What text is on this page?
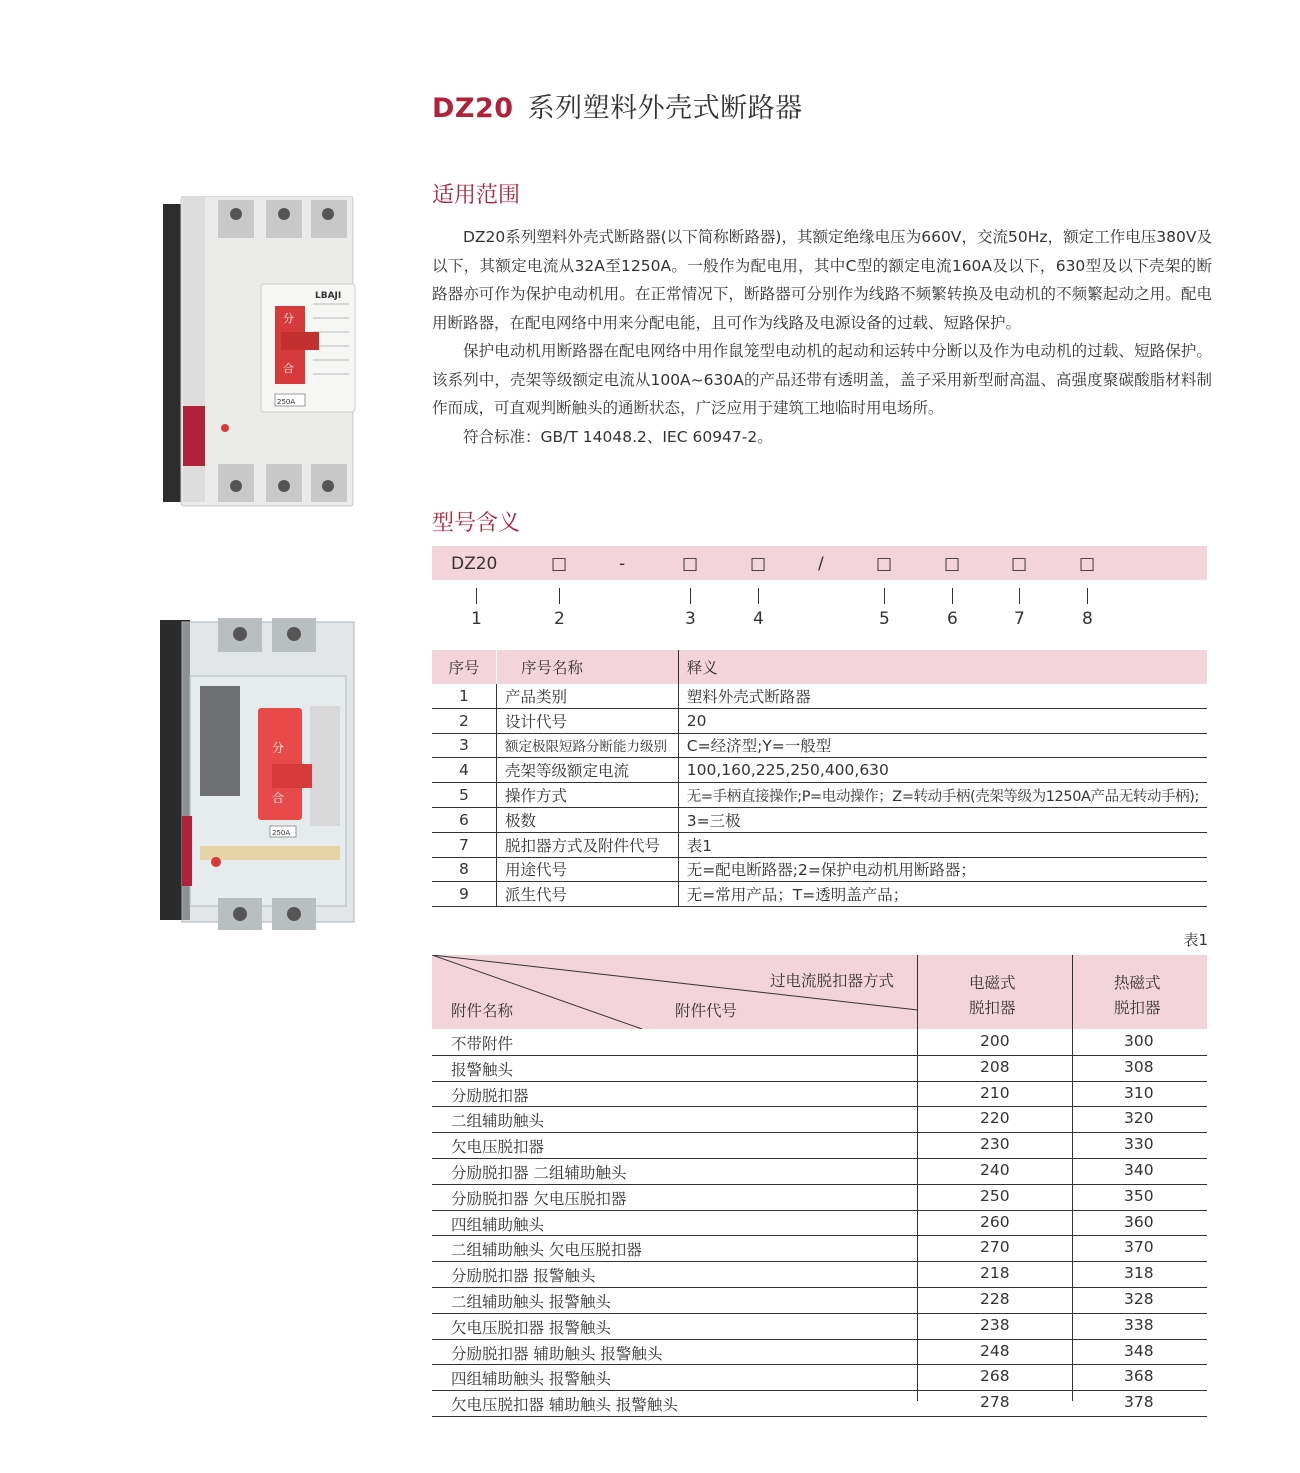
DZ20 系列塑料外壳式断路器
适用范围

DZ20系列塑料外壳式断路器(以下简称断路器)，其额定绝缘电压为660V，交流50Hz，额定工作电压380V及以下，其额定电流从32A至1250A。一般作为配电用，其中C型的额定电流160A及以下，630型及以下壳架的断路器亦可作为保护电动机用。在正常情况下，断路器可分别作为线路不频繁转换及电动机的不频繁起动之用。配电用断路器，在配电网络中用来分配电能，且可作为线路及电源设备的过载、短路保护。

保护电动机用断路器在配电网络中用作鼠笼型电动机的起动和运转中分断以及作为电动机的过载、短路保护。该系列中，壳架等级额定电流从100A~630A的产品还带有透明盖，盖子采用新型耐高温、高强度聚碳酸脂材料制作而成，可直观判断触头的通断状态，广泛应用于建筑工地临时用电场所。

符合标准：GB/T 14048.2、IEC 60947-2。

分
合
LBAJI
250A
分
合
250A
型号含义
DZ20	□	-	□	□	/	□	□	□	□
1	2	3	4	5	6	7	8
序号	序号名称	释义
1	产品类别	塑料外壳式断路器
2	设计代号	20
3	额定极限短路分断能力级别	C=经济型;Y=一般型
4	壳架等级额定电流	100,160,225,250,400,630
5	操作方式	无=手柄直接操作;P=电动操作；Z=转动手柄(壳架等级为1250A产品无转动手柄);
6	极数	3=三极
7	脱扣器方式及附件代号	表1
8	用途代号	无=配电断路器;2=保护电动机用断路器；
9	派生代号	无=常用产品；T=透明盖产品；
表1
过电流脱扣器方式
附件名称	附件代号
电磁式
脱扣器
热磁式
脱扣器
不带附件	200	300
报警触头	208	308
分励脱扣器	210	310
二组辅助触头	220	320
欠电压脱扣器	230	330
分励脱扣器 二组辅助触头	240	340
分励脱扣器 欠电压脱扣器	250	350
四组辅助触头	260	360
二组辅助触头 欠电压脱扣器	270	370
分励脱扣器 报警触头	218	318
二组辅助触头 报警触头	228	328
欠电压脱扣器 报警触头	238	338
分励脱扣器 辅助触头 报警触头	248	348
四组辅助触头 报警触头	268	368
欠电压脱扣器 辅助触头 报警触头	278	378
